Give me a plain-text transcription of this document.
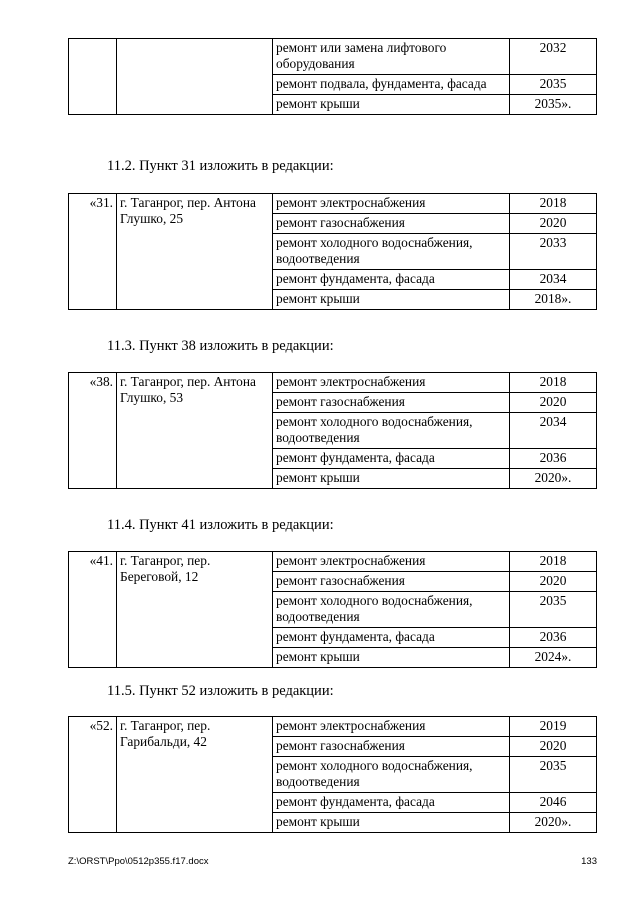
		ремонт или замена лифтового оборудования	2032
		ремонт подвала, фундамента, фасада	2035
		ремонт крыши	2035».
11.2. Пункт 31 изложить в редакции:
«31.	г. Таганрог, пер. Антона Глушко, 25	ремонт электроснабжения	2018
		ремонт газоснабжения	2020
		ремонт холодного водоснабжения, водоотведения	2033
		ремонт фундамента, фасада	2034
		ремонт крыши	2018».
11.3. Пункт 38 изложить в редакции:
«38.	г. Таганрог, пер. Антона Глушко, 53	ремонт электроснабжения	2018
		ремонт газоснабжения	2020
		ремонт холодного водоснабжения, водоотведения	2034
		ремонт фундамента, фасада	2036
		ремонт крыши	2020».
11.4. Пункт 41 изложить в редакции:
«41.	г. Таганрог, пер. Береговой, 12	ремонт электроснабжения	2018
		ремонт газоснабжения	2020
		ремонт холодного водоснабжения, водоотведения	2035
		ремонт фундамента, фасада	2036
		ремонт крыши	2024».
11.5. Пункт 52 изложить в редакции:
«52.	г. Таганрог, пер. Гарибальди, 42	ремонт электроснабжения	2019
		ремонт газоснабжения	2020
		ремонт холодного водоснабжения, водоотведения	2035
		ремонт фундамента, фасада	2046
		ремонт крыши	2020».
Z:\ORST\Ppo\0512p355.f17.docx	133
